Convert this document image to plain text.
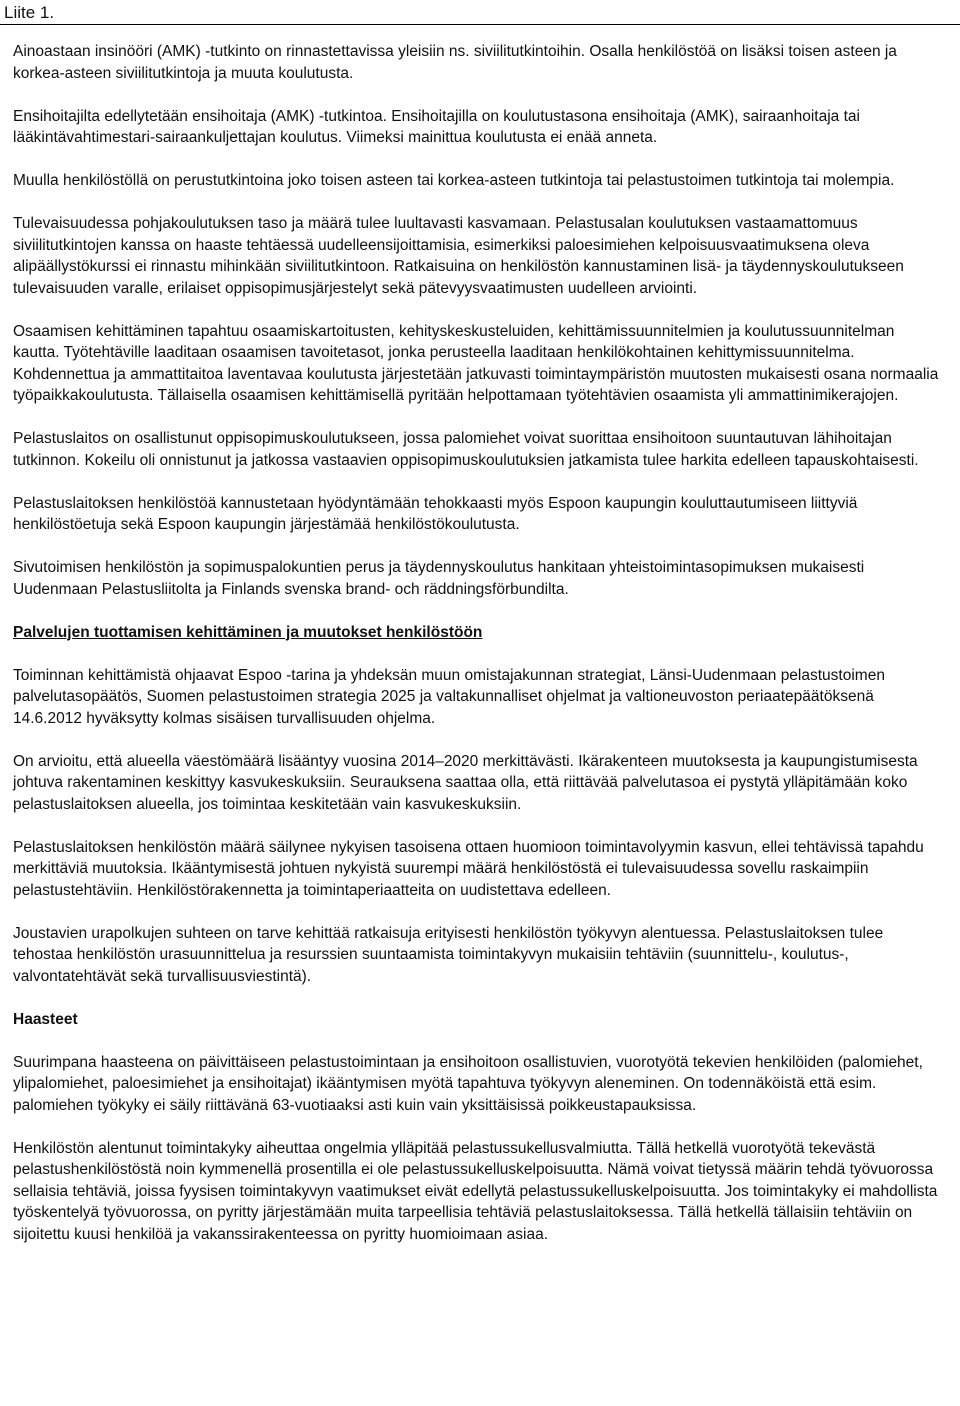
Liite 1.

Ainoastaan insinööri (AMK) -tutkinto on rinnastettavissa yleisiin ns. siviilitutkintoihin. Osalla henkilöstöä on lisäksi toisen asteen ja korkea-asteen siviilitutkintoja ja muuta koulutusta.

Ensihoitajilta edellytetään ensihoitaja (AMK) -tutkintoa. Ensihoitajilla on koulutustasona ensihoitaja (AMK), sairaanhoitaja tai lääkintävahtimestari-sairaankuljettajan koulutus. Viimeksi mainittua koulutusta ei enää anneta.

Muulla henkilöstöllä on perustutkintoina joko toisen asteen tai korkea-asteen tutkintoja tai pelastustoimen tutkintoja tai molempia.

Tulevaisuudessa pohjakoulutuksen taso ja määrä tulee luultavasti kasvamaan. Pelastusalan koulutuksen vastaamattomuus siviilitutkintojen kanssa on haaste tehtäessä uudelleensijoittamisia, esimerkiksi paloesimiehen kelpoisuusvaatimuksena oleva alipäällystökurssi ei rinnastu mihinkään siviilitutkintoon. Ratkaisuina on henkilöstön kannustaminen lisä- ja täydennyskoulutukseen tulevaisuuden varalle, erilaiset oppisopimusjärjestelyt sekä pätevyysvaatimusten uudelleen arviointi.

Osaamisen kehittäminen tapahtuu osaamiskartoitusten, kehityskeskusteluiden, kehittämissuunnitelmien ja koulutussuunnitelman kautta. Työtehtäville laaditaan osaamisen tavoitetasot, jonka perusteella laaditaan henkilökohtainen kehittymissuunnitelma. Kohdennettua ja ammattitaitoa laventavaa koulutusta järjestetään jatkuvasti toimintaympäristön muutosten mukaisesti osana normaalia työpaikkakoulutusta. Tällaisella osaamisen kehittämisellä pyritään helpottamaan työtehtävien osaamista yli ammattinimikerajojen.

Pelastuslaitos on osallistunut oppisopimuskoulutukseen, jossa palomiehet voivat suorittaa ensihoitoon suuntautuvan lähihoitajan tutkinnon. Kokeilu oli onnistunut ja jatkossa vastaavien oppisopimuskoulutuksien jatkamista tulee harkita edelleen tapauskohtaisesti.

Pelastuslaitoksen henkilöstöä kannustetaan hyödyntämään tehokkaasti myös Espoon kaupungin kouluttautumiseen liittyviä henkilöstöetuja sekä Espoon kaupungin järjestämää henkilöstökoulutusta.

Sivutoimisen henkilöstön ja sopimuspalokuntien perus ja täydennyskoulutus hankitaan yhteistoimintasopimuksen mukaisesti Uudenmaan Pelastusliitolta ja Finlands svenska brand- och räddningsförbundilta.

Palvelujen tuottamisen kehittäminen ja muutokset henkilöstöön

Toiminnan kehittämistä ohjaavat Espoo -tarina ja yhdeksän muun omistajakunnan strategiat, Länsi-Uudenmaan pelastustoimen palvelutasopäätös, Suomen pelastustoimen strategia 2025 ja valtakunnalliset ohjelmat ja valtioneuvoston periaatepäätöksenä 14.6.2012 hyväksytty kolmas sisäisen turvallisuuden ohjelma.

On arvioitu, että alueella väestömäärä lisääntyy vuosina 2014–2020 merkittävästi. Ikärakenteen muutoksesta ja kaupungistumisesta johtuva rakentaminen keskittyy kasvukeskuksiin. Seurauksena saattaa olla, että riittävää palvelutasoa ei pystytä ylläpitämään koko pelastuslaitoksen alueella, jos toimintaa keskitetään vain kasvukeskuksiin.

Pelastuslaitoksen henkilöstön määrä säilynee nykyisen tasoisena ottaen huomioon toimintavolyymin kasvun, ellei tehtävissä tapahdu merkittäviä muutoksia. Ikääntymisestä johtuen nykyistä suurempi määrä henkilöstöstä ei tulevaisuudessa sovellu raskaimpiin pelastustehtäviin. Henkilöstörakennetta ja toimintaperiaatteita on uudistettava edelleen.

Joustavien urapolkujen suhteen on tarve kehittää ratkaisuja erityisesti henkilöstön työkyvyn alentuessa. Pelastuslaitoksen tulee tehostaa henkilöstön urasuunnittelua ja resurssien suuntaamista toimintakyvyn mukaisiin tehtäviin (suunnittelu-, koulutus-, valvontatehtävät sekä turvallisuusviestintä).

Haasteet

Suurimpana haasteena on päivittäiseen pelastustoimintaan ja ensihoitoon osallistuvien, vuorotyötä tekevien henkilöiden (palomiehet, ylipalomiehet, paloesimiehet ja ensihoitajat) ikääntymisen myötä tapahtuva työkyvyn aleneminen. On todennäköistä että esim. palomiehen työkyky ei säily riittävänä 63-vuotiaaksi asti kuin vain yksittäisissä poikkeustapauksissa.

Henkilöstön alentunut toimintakyky aiheuttaa ongelmia ylläpitää pelastussukellusvalmiutta. Tällä hetkellä vuorotyötä tekevästä pelastushenkilöstöstä noin kymmenellä prosentilla ei ole pelastussukelluskelpoisuutta. Nämä voivat tietyssä määrin tehdä työvuorossa sellaisia tehtäviä, joissa fyysisen toimintakyvyn vaatimukset eivät edellytä pelastussukelluskelpoisuutta. Jos toimintakyky ei mahdollista työskentelyä työvuorossa, on pyritty järjestämään muita tarpeellisia tehtäviä pelastuslaitoksessa. Tällä hetkellä tällaisiin tehtäviin on sijoitettu kuusi henkilöä ja vakanssirakenteessa on pyritty huomioimaan asiaa.
